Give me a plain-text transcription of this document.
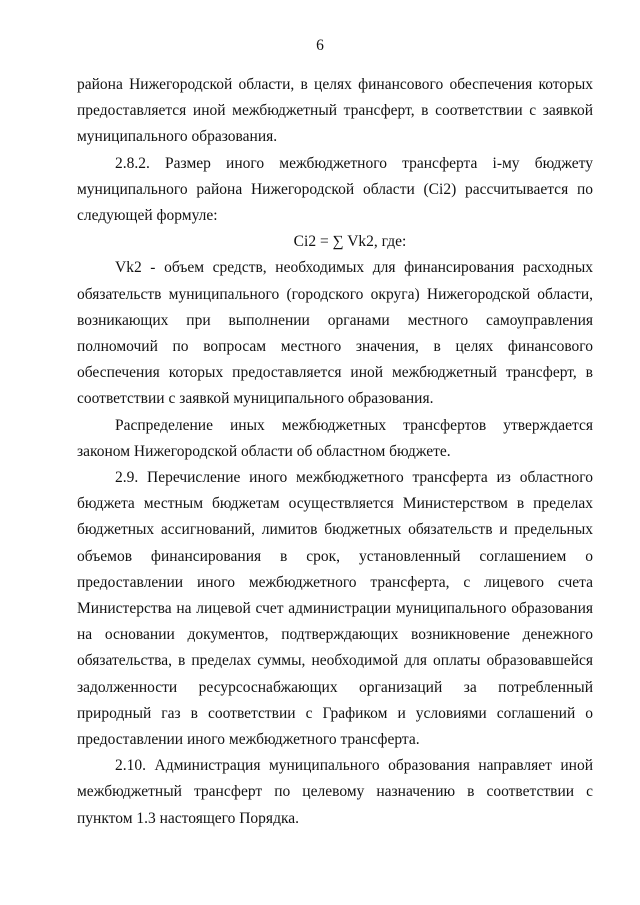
6

района Нижегородской области, в целях финансового обеспечения которых предоставляется иной межбюджетный трансферт, в соответствии с заявкой муниципального образования.

2.8.2. Размер иного межбюджетного трансферта i-му бюджету муниципального района Нижегородской области (Ci2) рассчитывается по следующей формуле:

Ci2 = ∑ Vk2, где:

Vk2 - объем средств, необходимых для финансирования расходных обязательств муниципального (городского округа) Нижегородской области, возникающих при выполнении органами местного самоуправления полномочий по вопросам местного значения, в целях финансового обеспечения которых предоставляется иной межбюджетный трансферт, в соответствии с заявкой муниципального образования.

Распределение иных межбюджетных трансфертов утверждается законом Нижегородской области об областном бюджете.

2.9. Перечисление иного межбюджетного трансферта из областного бюджета местным бюджетам осуществляется Министерством в пределах бюджетных ассигнований, лимитов бюджетных обязательств и предельных объемов финансирования в срок, установленный соглашением о предоставлении иного межбюджетного трансферта, с лицевого счета Министерства на лицевой счет администрации муниципального образования на основании документов, подтверждающих возникновение денежного обязательства, в пределах суммы, необходимой для оплаты образовавшейся задолженности ресурсоснабжающих организаций за потребленный природный газ в соответствии с Графиком и условиями соглашений о предоставлении иного межбюджетного трансферта.

2.10. Администрация муниципального образования направляет иной межбюджетный трансферт по целевому назначению в соответствии с пунктом 1.3 настоящего Порядка.
